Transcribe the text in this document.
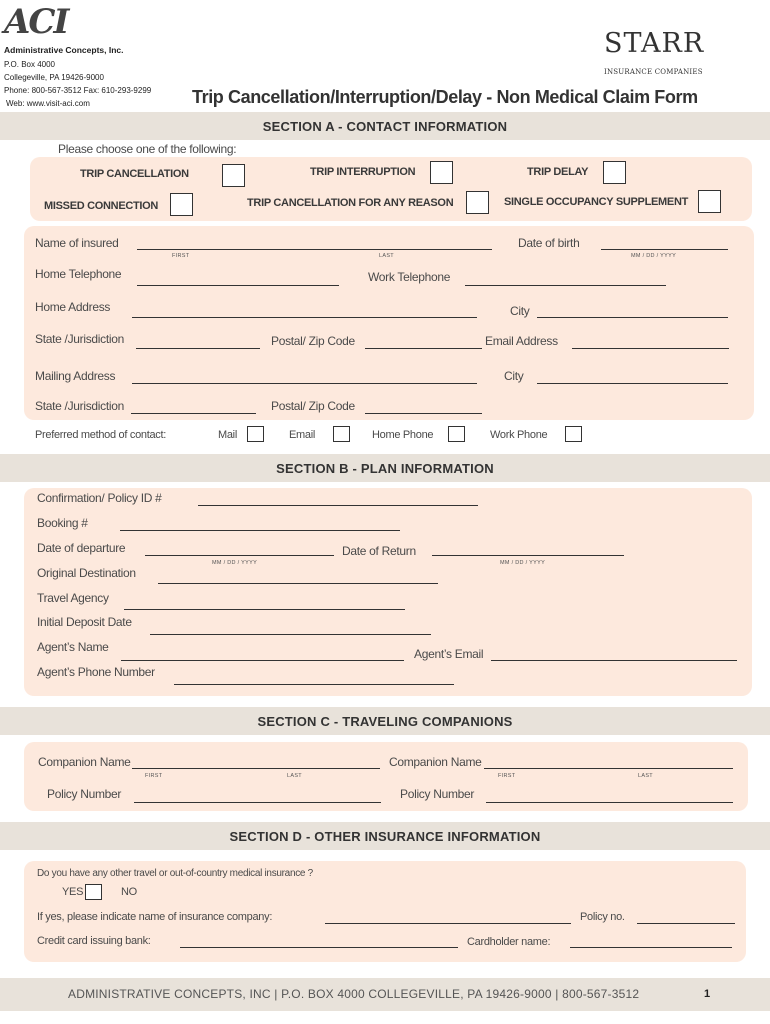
ACI
Administrative Concepts, Inc.
P.O. Box 4000
Collegeville, PA 19426-9000
Phone: 800-567-3512 Fax: 610-293-9299
Web: www.visit-aci.com
STARR
INSURANCE COMPANIES
Trip Cancellation/Interruption/Delay - Non Medical Claim Form
SECTION A - CONTACT INFORMATION
Please choose one of the following:
TRIP CANCELLATION	TRIP INTERRUPTION	TRIP DELAY
MISSED CONNECTION	TRIP CANCELLATION FOR ANY REASON	SINGLE OCCUPANCY SUPPLEMENT
Name of insured
FIRST	LAST
Date of birth
MM / DD / YYYY
Home Telephone	Work Telephone
Home Address	City
State /Jurisdiction	Postal/ Zip Code	Email Address
Mailing Address	City
State /Jurisdiction	Postal/ Zip Code
Preferred method of contact:	Mail	Email	Home Phone	Work Phone
SECTION B - PLAN INFORMATION
Confirmation/ Policy ID #
Booking #
Date of departure
MM / DD / YYYY
Date of Return
MM / DD / YYYY
Original Destination
Travel Agency
Initial Deposit Date
Agent’s Name	Agent’s Email
Agent’s Phone Number
SECTION C - TRAVELING COMPANIONS
Companion Name
FIRST	LAST
Companion Name
FIRST	LAST
Policy Number	Policy Number
SECTION D - OTHER INSURANCE INFORMATION
Do you have any other travel or out-of-country medical insurance ?
YES	NO
If yes, please indicate name of insurance company:	Policy no.
Credit card issuing bank:	Cardholder name:
ADMINISTRATIVE CONCEPTS, INC | P.O. BOX 4000 COLLEGEVILLE, PA 19426-9000 | 800-567-3512	1
